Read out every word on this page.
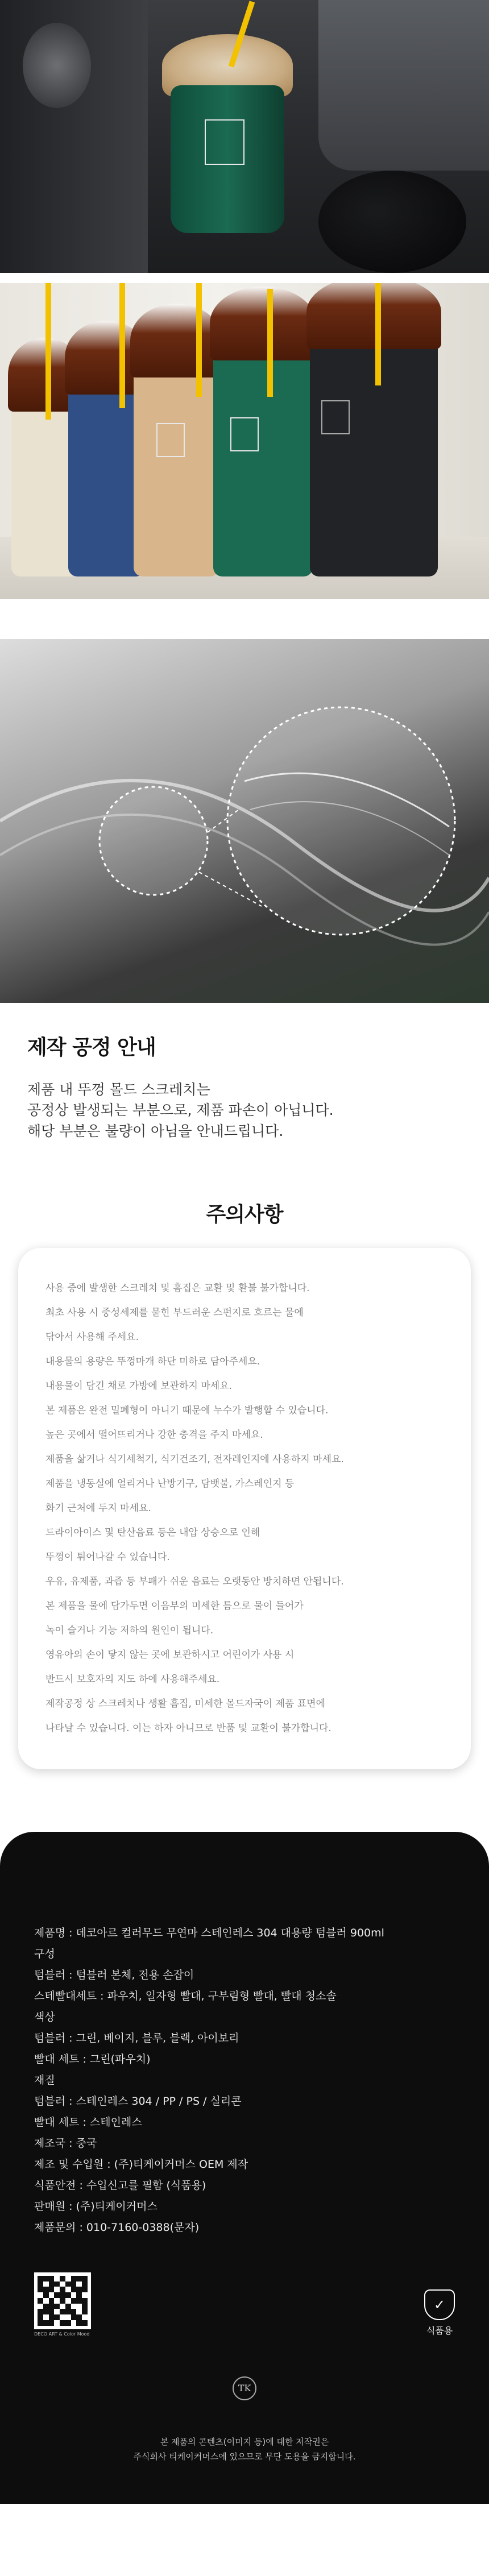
제작 공정 안내

제품 내 뚜껑 몰드 스크레치는

공정상 발생되는 부분으로, 제품 파손이 아닙니다.

해당 부분은 불량이 아님을 안내드립니다.

주의사항

사용 중에 발생한 스크레치 및 흠집은 교환 및 환불 불가합니다.

최초 사용 시 중성세제를 묻힌 부드러운 스펀지로 흐르는 물에

닦아서 사용해 주세요.

내용물의 용량은 뚜껑마개 하단 미하로 담아주세요.

내용물이 담긴 채로 가방에 보관하지 마세요.

본 제품은 완전 밀폐형이 아니기 때문에 누수가 발행할 수 있습니다.

높은 곳에서 떨어뜨리거나 강한 충격을 주지 마세요.

제품을 삶거나 식기세척기, 식기건조기, 전자레인지에 사용하지 마세요.

제품을 냉동실에 얼리거나 난방기구, 담뱃불, 가스레인지 등

화기 근처에 두지 마세요.

드라이아이스 및 탄산음료 등은 내압 상승으로 인해

뚜껑이 튀어나갈 수 있습니다.

우유, 유제품, 과즙 등 부패가 쉬운 음료는 오랫동안 방치하면 안됩니다.

본 제품을 물에 담가두면 이음부의 미세한 틈으로 물이 들어가

녹이 슬거나 기능 저하의 원인이 됩니다.

영유아의 손이 닿지 않는 곳에 보관하시고 어린이가 사용 시

반드시 보호자의 지도 하에 사용해주세요.

제작공정 상 스크레치나 생활 흠집, 미세한 몰드자국이 제품 표면에

나타날 수 있습니다. 이는 하자 아니므로 반품 및 교환이 불가합니다.

제품명 : 데코아르 컬러무드 무연마 스테인레스 304 대용량 텀블러 900ml
구성
텀블러 : 텀블러 본체, 전용 손잡이
스테빨대세트 : 파우치, 일자형 빨대, 구부림형 빨대, 빨대 청소솔
색상
텀블러 : 그린, 베이지, 블루, 블랙, 아이보리
빨대 세트 : 그린(파우치)
재질
텀블러 : 스테인레스 304 / PP / PS / 실리콘
빨대 세트 : 스테인레스
제조국 : 중국
제조 및 수입원 : (주)티케이커머스 OEM 제작
식품안전 : 수입신고를 필함 (식품용)
판매원 : (주)티케이커머스
제품문의 : 010-7160-0388(문자)
DECO ART & Color Mood
✓
식품용
TK
본 제품의 콘텐츠(이미지 등)에 대한 저작권은
주식회사 티케이커머스에 있으므로 무단 도용을 금지합니다.
